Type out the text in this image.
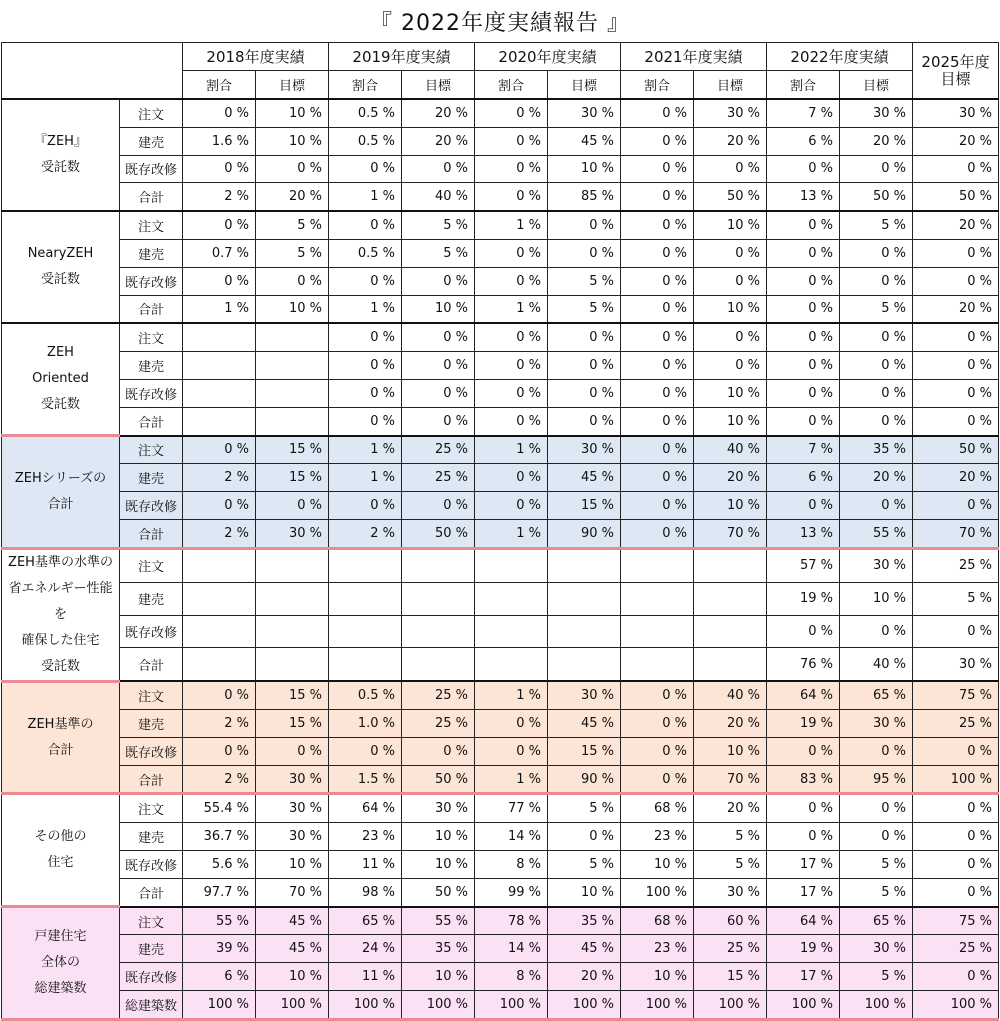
『 2022年度実績報告 』
		2018年度実績		2019年度実績		2020年度実績		2021年度実績		2022年度実績		2025年度目標
		割合	目標	割合	目標	割合	目標	割合	目標	割合	目標	

『ZEH』
受託数	注文	0 %	10 %	0.5 %	20 %	0 %	30 %	0 %	30 %	7 %	30 %	30 %
	建売	1.6 %	10 %	0.5 %	20 %	0 %	45 %	0 %	20 %	6 %	20 %	20 %
	既存改修	0 %	0 %	0 %	0 %	0 %	10 %	0 %	0 %	0 %	0 %	0 %
	合計	2 %	20 %	1 %	40 %	0 %	85 %	0 %	50 %	13 %	50 %	50 %

NearyZEH
受託数	注文	0 %	5 %	0 %	5 %	1 %	0 %	0 %	10 %	0 %	5 %	20 %
	建売	0.7 %	5 %	0.5 %	5 %	0 %	0 %	0 %	0 %	0 %	0 %	0 %
	既存改修	0 %	0 %	0 %	0 %	0 %	5 %	0 %	0 %	0 %	0 %	0 %
	合計	1 %	10 %	1 %	10 %	1 %	5 %	0 %	10 %	0 %	5 %	20 %

ZEH
Oriented
受託数	注文			0 %	0 %	0 %	0 %	0 %	0 %	0 %	0 %	0 %
	建売			0 %	0 %	0 %	0 %	0 %	0 %	0 %	0 %	0 %
	既存改修			0 %	0 %	0 %	0 %	0 %	10 %	0 %	0 %	0 %
	合計			0 %	0 %	0 %	0 %	0 %	10 %	0 %	0 %	0 %

ZEHシリーズの
合計	注文	0 %	15 %	1 %	25 %	1 %	30 %	0 %	40 %	7 %	35 %	50 %
	建売	2 %	15 %	1 %	25 %	0 %	45 %	0 %	20 %	6 %	20 %	20 %
	既存改修	0 %	0 %	0 %	0 %	0 %	15 %	0 %	10 %	0 %	0 %	0 %
	合計	2 %	30 %	2 %	50 %	1 %	90 %	0 %	70 %	13 %	55 %	70 %

ZEH基準の水準の
省エネルギー性能を
確保した住宅
受託数	注文									57 %	30 %	25 %
	建売									19 %	10 %	5 %
	既存改修									0 %	0 %	0 %
	合計									76 %	40 %	30 %

ZEH基準の
合計	注文	0 %	15 %	0.5 %	25 %	1 %	30 %	0 %	40 %	64 %	65 %	75 %
	建売	2 %	15 %	1.0 %	25 %	0 %	45 %	0 %	20 %	19 %	30 %	25 %
	既存改修	0 %	0 %	0 %	0 %	0 %	15 %	0 %	10 %	0 %	0 %	0 %
	合計	2 %	30 %	1.5 %	50 %	1 %	90 %	0 %	70 %	83 %	95 %	100 %

その他の
住宅	注文	55.4 %	30 %	64 %	30 %	77 %	5 %	68 %	20 %	0 %	0 %	0 %
	建売	36.7 %	30 %	23 %	10 %	14 %	0 %	23 %	5 %	0 %	0 %	0 %
	既存改修	5.6 %	10 %	11 %	10 %	8 %	5 %	10 %	5 %	17 %	5 %	0 %
	合計	97.7 %	70 %	98 %	50 %	99 %	10 %	100 %	30 %	17 %	5 %	0 %

戸建住宅
全体の
総建築数	注文	55 %	45 %	65 %	55 %	78 %	35 %	68 %	60 %	64 %	65 %	75 %
	建売	39 %	45 %	24 %	35 %	14 %	45 %	23 %	25 %	19 %	30 %	25 %
	既存改修	6 %	10 %	11 %	10 %	8 %	20 %	10 %	15 %	17 %	5 %	0 %
	総建築数	100 %	100 %	100 %	100 %	100 %	100 %	100 %	100 %	100 %	100 %	100 %
